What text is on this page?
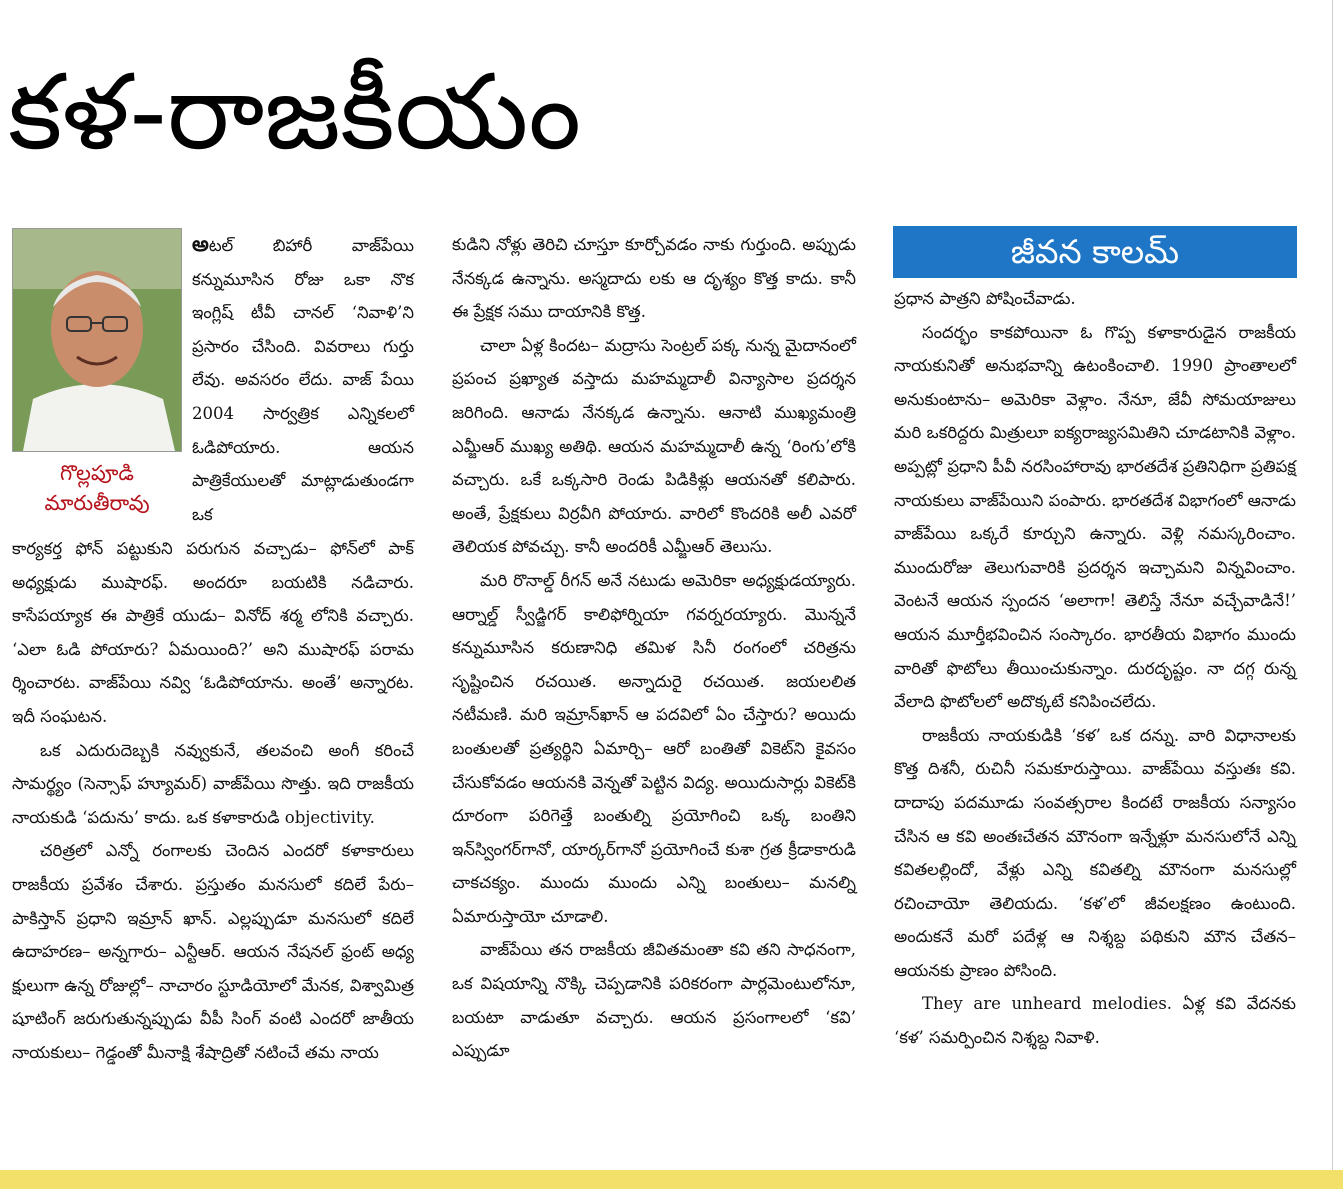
కళ-రాజకీయం
గొల్లపూడి
మారుతీరావు

అటల్ బిహారీ వాజ్‌పేయి కన్నుమూసిన రోజు ఒకా నొక ఇంగ్లిష్ టీవీ చానల్ ‘నివాళి’ని ప్రసారం చేసింది. వివరాలు గుర్తు లేవు. అవసరం లేదు. వాజ్ పేయి 2004 సార్వత్రిక ఎన్నికలలో ఓడిపోయారు. ఆయన పాత్రికేయులతో మాట్లాడుతుండగా ఒక

కార్యకర్త ఫోన్ పట్టుకుని పరుగున వచ్చాడు– ఫోన్‌లో పాక్ అధ్యక్షుడు ముషారఫ్. అందరూ బయటికి నడిచారు. కాసేపయ్యాక ఈ పాత్రికే యుడు– వినోద్ శర్మ లోనికి వచ్చారు. ‘ఎలా ఓడి పోయారు? ఏమయింది?’ అని ముషారఫ్ పరామ ర్శించారట. వాజ్‌పేయి నవ్వి ‘ఓడిపోయాను. అంతే’ అన్నారట. ఇదీ సంఘటన.

ఒక ఎదురుదెబ్బకి నవ్వుకునే, తలవంచి అంగీ కరించే సామర్థ్యం (సెన్సాఫ్ హ్యూమర్) వాజ్‌పేయి సొత్తు. ఇది రాజకీయ నాయకుడి ‘పదును’ కాదు. ఒక కళాకారుడి objectivity.

చరిత్రలో ఎన్నో రంగాలకు చెందిన ఎందరో కళాకారులు రాజకీయ ప్రవేశం చేశారు. ప్రస్తుతం మనసులో కదిలే పేరు– పాకిస్తాన్ ప్రధాని ఇమ్రాన్ ఖాన్. ఎల్లప్పుడూ మనసులో కదిలే ఉదాహరణ– అన్నగారు– ఎన్టీఆర్. ఆయన నేషనల్ ఫ్రంట్ అధ్య క్షులుగా ఉన్న రోజుల్లో– నాచారం స్టూడియోలో మేనక, విశ్వామిత్ర షూటింగ్ జరుగుతున్నప్పుడు వీపీ సింగ్ వంటి ఎందరో జాతీయ నాయకులు– గెడ్డంతో మీనాక్షి శేషాద్రితో నటించే తమ నాయ

కుడిని నోళ్లు తెరిచి చూస్తూ కూర్చోవడం నాకు గుర్తుంది. అప్పుడు నేనక్కడ ఉన్నాను. అస్మదాదు లకు ఆ దృశ్యం కొత్త కాదు. కానీ ఈ ప్రేక్షక సము దాయానికి కొత్త.

చాలా ఏళ్ల కిందట– మద్రాసు సెంట్రల్ పక్క నున్న మైదానంలో ప్రపంచ ప్రఖ్యాత వస్తాదు మహమ్మదాలీ విన్యాసాల ప్రదర్శన జరిగింది. ఆనాడు నేనక్కడ ఉన్నాను. ఆనాటి ముఖ్యమంత్రి ఎమ్జీఆర్ ముఖ్య అతిథి. ఆయన మహమ్మదాలీ ఉన్న ‘రింగు’లోకి వచ్చారు. ఒకే ఒక్కసారి రెండు పిడికిళ్లు ఆయనతో కలిపారు. అంతే, ప్రేక్షకులు విర్రవీగి పోయారు. వారిలో కొందరికి అలీ ఎవరో తెలియక పోవచ్చు. కానీ అందరికీ ఎమ్జీఆర్ తెలుసు.

మరి రొనాల్డ్ రీగన్ అనే నటుడు అమెరికా అధ్యక్షుడయ్యారు. ఆర్నాల్డ్ స్వీడ్జిగర్ కాలిఫోర్నియా గవర్నరయ్యారు. మొన్ననే కన్నుమూసిన కరుణానిధి తమిళ సినీ రంగంలో చరిత్రను సృష్టించిన రచయిత. అన్నాదురై రచయిత. జయలలిత నటీమణి. మరి ఇమ్రాన్‌ఖాన్ ఆ పదవిలో ఏం చేస్తారు? అయిదు బంతులతో ప్రత్యర్థిని ఏమార్చి– ఆరో బంతితో వికెట్‌ని కైవసం చేసుకోవడం ఆయనకి వెన్నతో పెట్టిన విద్య. అయిదుసార్లు వికెట్‌కి దూరంగా పరిగెత్తే బంతుల్ని ప్రయోగించి ఒక్క బంతిని ఇన్‌స్వింగర్‌గానో, యార్కర్‌గానో ప్రయోగించే కుశా గ్రత క్రీడాకారుడి చాకచక్యం. ముందు ముందు ఎన్ని బంతులు– మనల్ని ఏమారుస్తాయో చూడాలి.

వాజ్‌పేయి తన రాజకీయ జీవితమంతా కవి తని సాధనంగా, ఒక విషయాన్ని నొక్కి చెప్పడానికి పరికరంగా పార్లమెంటులోనూ, బయటా వాడుతూ వచ్చారు. ఆయన ప్రసంగాలలో ‘కవి’ ఎప్పుడూ

జీవన కాలమ్

ప్రధాన పాత్రని పోషించేవాడు.

సందర్భం కాకపోయినా ఓ గొప్ప కళాకారుడైన రాజకీయ నాయకునితో అనుభవాన్ని ఉటంకించాలి. 1990 ప్రాంతాలలో అనుకుంటాను– అమెరికా వెళ్లాం. నేనూ, జేవీ సోమయాజులు మరి ఒకరిద్దరు మిత్రులూ ఐక్యరాజ్యసమితిని చూడటానికి వెళ్లాం. అప్పట్లో ప్రధాని పీవీ నరసింహారావు భారతదేశ ప్రతినిధిగా ప్రతిపక్ష నాయకులు వాజ్‌పేయిని పంపారు. భారతదేశ విభాగంలో ఆనాడు వాజ్‌పేయి ఒక్కరే కూర్చుని ఉన్నారు. వెళ్లి నమస్కరించాం. ముందురోజు తెలుగువారికి ప్రదర్శన ఇచ్చామని విన్నవించాం. వెంటనే ఆయన స్పందన ‘అలాగా! తెలిస్తే నేనూ వచ్చేవాడినే!’ ఆయన మూర్తీభవించిన సంస్కారం. భారతీయ విభాగం ముందు వారితో ఫొటోలు తీయించుకున్నాం. దురదృష్టం. నా దగ్గ రున్న వేలాది ఫొటోలలో అదొక్కటే కనిపించలేదు.

రాజకీయ నాయకుడికి ‘కళ’ ఒక దన్ను. వారి విధానాలకు కొత్త దిశనీ, రుచినీ సమకూరుస్తాయి. వాజ్‌పేయి వస్తుతః కవి. దాదాపు పదమూడు సంవత్సరాల కిందటే రాజకీయ సన్యాసం చేసిన ఆ కవి అంతఃచేతన మౌనంగా ఇన్నేళ్లూ మనసులోనే ఎన్ని కవితలల్లిందో, వేళ్లు ఎన్ని కవితల్ని మౌనంగా మనసుల్లో రచించాయో తెలియదు. ‘కళ’లో జీవలక్షణం ఉంటుంది. అందుకనే మరో పదేళ్ల ఆ నిశ్శబ్ద పథికుని మౌన చేతన– ఆయనకు ప్రాణం పోసింది.

They are unheard melodies. ఏళ్ల కవి వేదనకు ‘కళ’ సమర్పించిన నిశ్శబ్ద నివాళి.
